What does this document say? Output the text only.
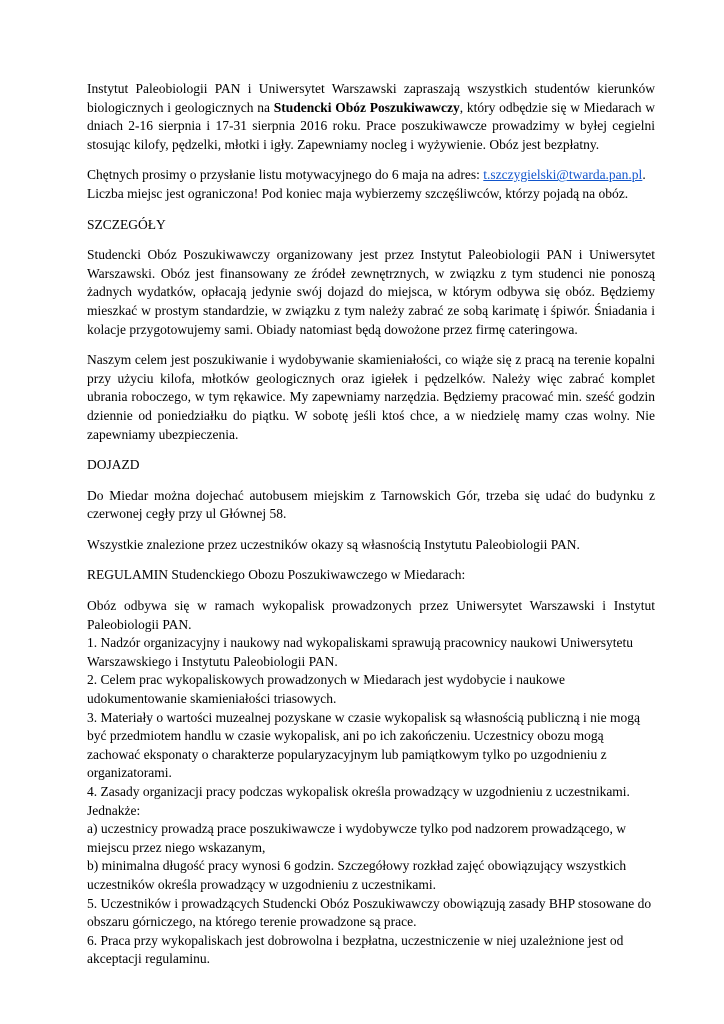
Instytut Paleobiologii PAN i Uniwersytet Warszawski zapraszają wszystkich studentów kierunków biologicznych i geologicznych na Studencki Obóz Poszukiwawczy, który odbędzie się w Miedarach w dniach 2-16 sierpnia i 17-31 sierpnia 2016 roku. Prace poszukiwawcze prowadzimy w byłej cegielni stosując kilofy, pędzelki, młotki i igły. Zapewniamy nocleg i wyżywienie. Obóz jest bezpłatny.

Chętnych prosimy o przysłanie listu motywacyjnego do 6 maja na adres: t.szczygielski@twarda.pan.pl. Liczba miejsc jest ograniczona! Pod koniec maja wybierzemy szczęśliwców, którzy pojadą na obóz.

SZCZEGÓŁY

Studencki Obóz Poszukiwawczy organizowany jest przez Instytut Paleobiologii PAN i Uniwersytet Warszawski. Obóz jest finansowany ze źródeł zewnętrznych, w związku z tym studenci nie ponoszą żadnych wydatków, opłacają jedynie swój dojazd do miejsca, w którym odbywa się obóz. Będziemy mieszkać w prostym standardzie, w związku z tym należy zabrać ze sobą karimatę i śpiwór. Śniadania i kolacje przygotowujemy sami. Obiady natomiast będą dowożone przez firmę cateringowa.

Naszym celem jest poszukiwanie i wydobywanie skamieniałości, co wiąże się z pracą na terenie kopalni przy użyciu kilofa, młotków geologicznych oraz igiełek i pędzelków. Należy więc zabrać komplet ubrania roboczego, w tym rękawice. My zapewniamy narzędzia. Będziemy pracować min. sześć godzin dziennie od poniedziałku do piątku. W sobotę jeśli ktoś chce, a w niedzielę mamy czas wolny. Nie zapewniamy ubezpieczenia.

DOJAZD

Do Miedar można dojechać autobusem miejskim z Tarnowskich Gór, trzeba się udać do budynku z czerwonej cegły przy ul Głównej 58.

Wszystkie znalezione przez uczestników okazy są własnością Instytutu Paleobiologii PAN.

REGULAMIN Studenckiego Obozu Poszukiwawczego w Miedarach:

Obóz odbywa się w ramach wykopalisk prowadzonych przez Uniwersytet Warszawski i Instytut Paleobiologii PAN.

1. Nadzór organizacyjny i naukowy nad wykopaliskami sprawują pracownicy naukowi Uniwersytetu Warszawskiego i Instytutu Paleobiologii PAN.

2. Celem prac wykopaliskowych prowadzonych w Miedarach jest wydobycie i naukowe udokumentowanie skamieniałości triasowych.

3. Materiały o wartości muzealnej pozyskane w czasie wykopalisk są własnością publiczną i nie mogą być przedmiotem handlu w czasie wykopalisk, ani po ich zakończeniu. Uczestnicy obozu mogą zachować eksponaty o charakterze popularyzacyjnym lub pamiątkowym tylko po uzgodnieniu z organizatorami.

4. Zasady organizacji pracy podczas wykopalisk określa prowadzący w uzgodnieniu z uczestnikami. Jednakże:

a) uczestnicy prowadzą prace poszukiwawcze i wydobywcze tylko pod nadzorem prowadzącego, w miejscu przez niego wskazanym,

b) minimalna długość pracy wynosi 6 godzin. Szczegółowy rozkład zajęć obowiązujący wszystkich uczestników określa prowadzący w uzgodnieniu z uczestnikami.

5. Uczestników i prowadzących Studencki Obóz Poszukiwawczy obowiązują zasady BHP stosowane do obszaru górniczego, na którego terenie prowadzone są prace.

6. Praca przy wykopaliskach jest dobrowolna i bezpłatna, uczestniczenie w niej uzależnione jest od akceptacji regulaminu.
